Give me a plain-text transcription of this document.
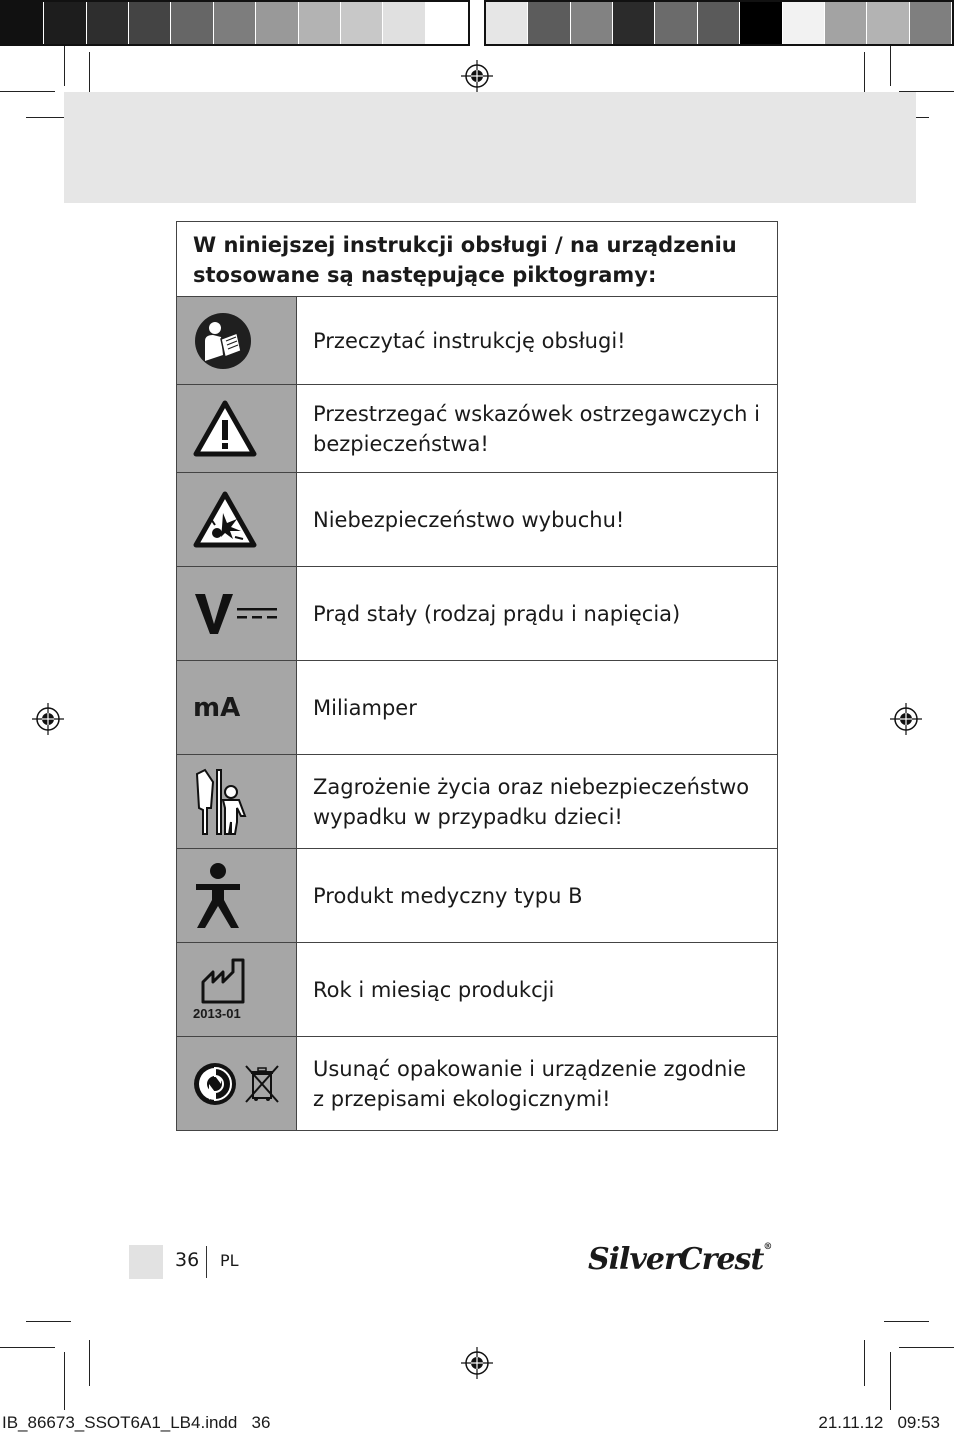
W niniejszej instrukcji obsługi / na urządzeniu stosowane są następujące piktogramy:	

	Przeczytać instrukcję obsługi!

	Przestrzegać wskazówek ostrzegawczych i bezpieczeństwa!

	Niebezpieczeństwo wybuchu!

	Prąd stały (rodzaj prądu i napięcia)

mA	Miliamper

	Zagrożenie życia oraz niebezpieczeństwo wypadku w przypadku dzieci!

	Produkt medyczny typu B

2013-01	Rok i miesiąc produkcji

	Usunąć opakowanie i urządzenie zgodnie z przepisami ekologicznymi!
36 PL	SilverCrest®
IB_86673_SSOT6A1_LB4.indd   36	21.11.12   09:53
